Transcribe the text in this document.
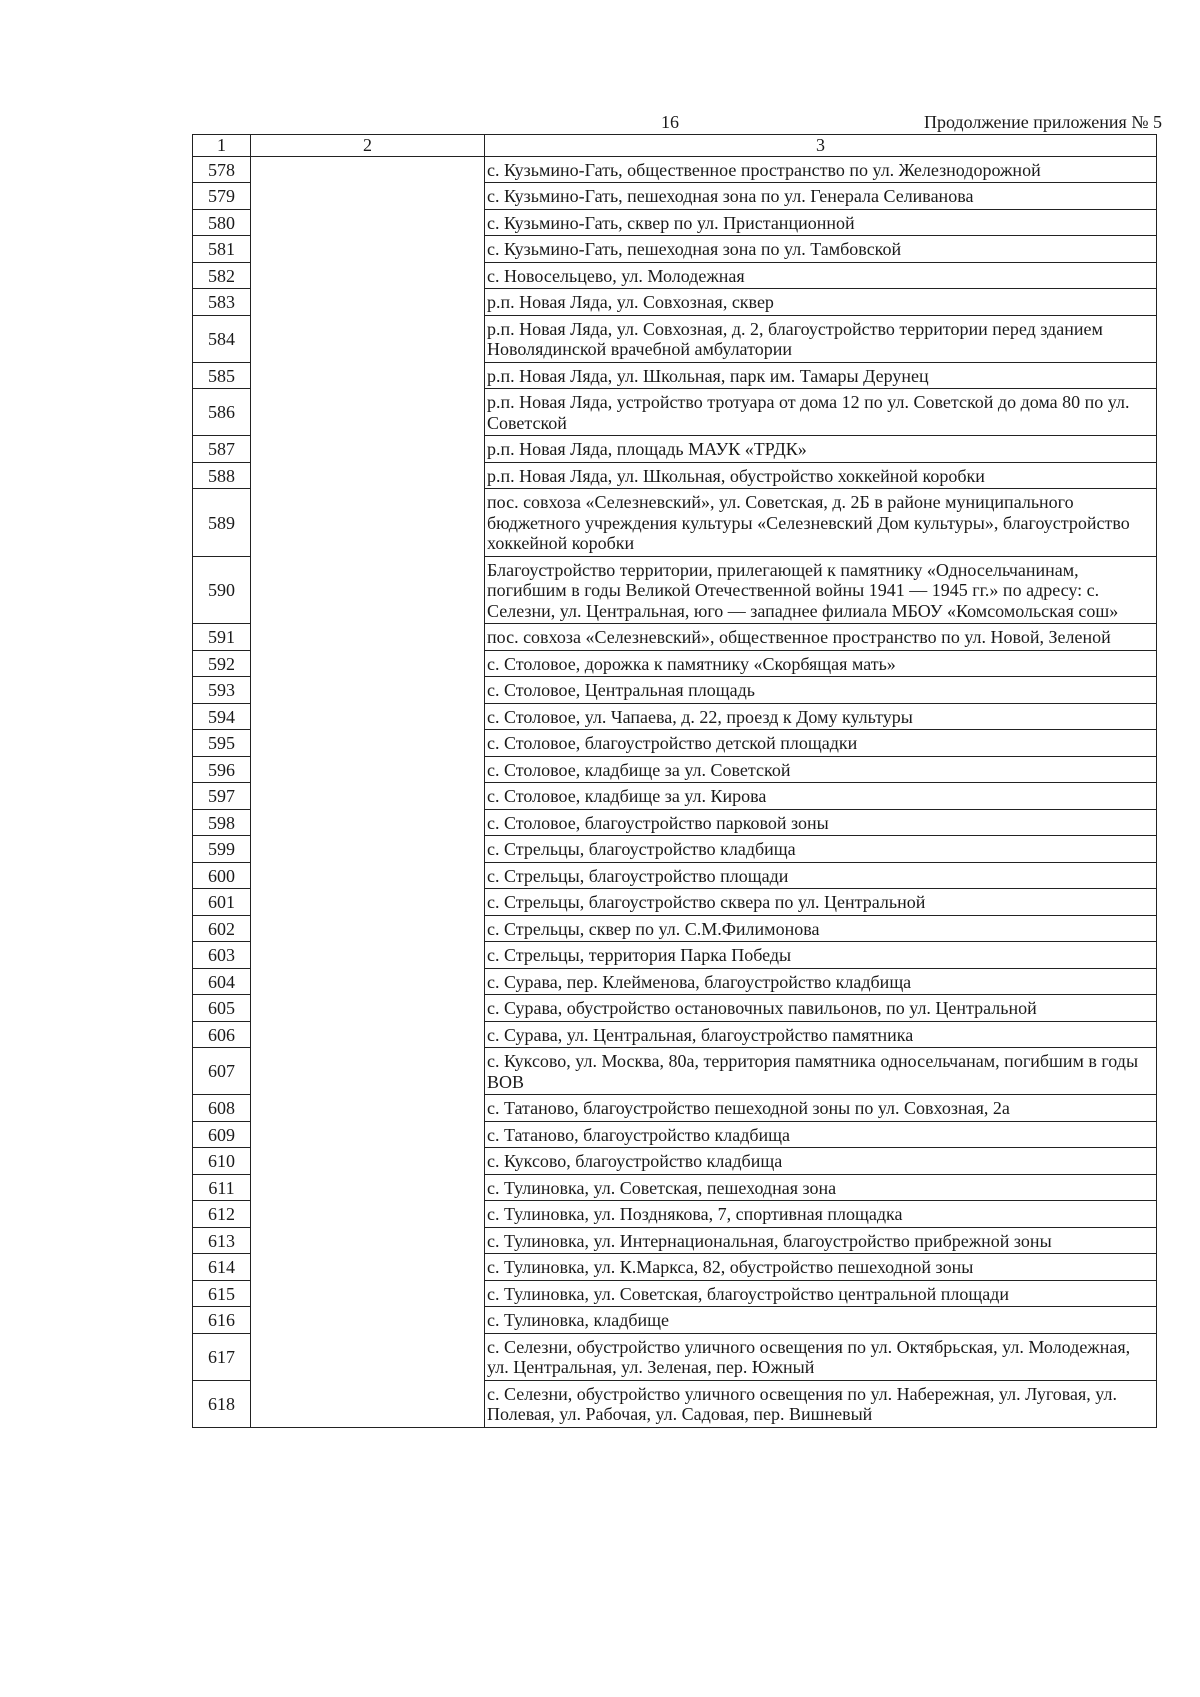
16	Продолжение приложения № 5
1	2	3
578		с. Кузьмино-Гать, общественное пространство по ул. Железнодорожной
579		с. Кузьмино-Гать, пешеходная зона по ул. Генерала Селиванова
580		с. Кузьмино-Гать, сквер по ул. Пристанционной
581		с. Кузьмино-Гать, пешеходная зона по ул. Тамбовской
582		с. Новосельцево, ул. Молодежная
583		р.п. Новая Ляда, ул. Совхозная, сквер
584		р.п. Новая Ляда, ул. Совхозная, д. 2, благоустройство территории перед зданием Новолядинской врачебной амбулатории
585		р.п. Новая Ляда, ул. Школьная, парк им. Тамары Дерунец
586		р.п. Новая Ляда, устройство тротуара от дома 12 по ул. Советской до дома 80 по ул. Советской
587		р.п. Новая Ляда, площадь МАУК «ТРДК»
588		р.п. Новая Ляда, ул. Школьная, обустройство хоккейной коробки
589		пос. совхоза «Селезневский», ул. Советская, д. 2Б в районе муниципального бюджетного учреждения культуры «Селезневский Дом культуры», благоустройство хоккейной коробки
590		Благоустройство территории, прилегающей к памятнику «Односельчанинам, погибшим в годы Великой Отечественной войны 1941 — 1945 гг.» по адресу: с. Селезни, ул. Центральная, юго — западнее филиала МБОУ «Комсомольская сош»
591		пос. совхоза «Селезневский», общественное пространство по ул. Новой, Зеленой
592		с. Столовое, дорожка к памятнику «Скорбящая мать»
593		с. Столовое, Центральная площадь
594		с. Столовое, ул. Чапаева, д. 22, проезд к Дому культуры
595		с. Столовое, благоустройство детской площадки
596		с. Столовое, кладбище за ул. Советской
597		с. Столовое, кладбище за ул. Кирова
598		с. Столовое, благоустройство парковой зоны
599		с. Стрельцы, благоустройство кладбища
600		с. Стрельцы, благоустройство площади
601		с. Стрельцы, благоустройство сквера по ул. Центральной
602		с. Стрельцы, сквер по ул. С.М.Филимонова
603		с. Стрельцы, территория Парка Победы
604		с. Сурава, пер. Клейменова, благоустройство кладбища
605		с. Сурава, обустройство остановочных павильонов, по ул. Центральной
606		с. Сурава, ул. Центральная, благоустройство памятника
607		с. Куксово, ул. Москва, 80а, территория памятника односельчанам, погибшим в годы ВОВ
608		с. Татаново, благоустройство пешеходной зоны по ул. Совхозная, 2а
609		с. Татаново, благоустройство кладбища
610		с. Куксово, благоустройство кладбища
611		с. Тулиновка, ул. Советская, пешеходная зона
612		с. Тулиновка, ул. Позднякова, 7, спортивная площадка
613		с. Тулиновка, ул. Интернациональная, благоустройство прибрежной зоны
614		с. Тулиновка, ул. К.Маркса, 82, обустройство пешеходной зоны
615		с. Тулиновка, ул. Советская, благоустройство центральной площади
616		с. Тулиновка, кладбище
617		с. Селезни, обустройство уличного освещения по ул. Октябрьская, ул. Молодежная, ул. Центральная, ул. Зеленая, пер. Южный
618		с. Селезни, обустройство уличного освещения по ул. Набережная, ул. Луговая, ул. Полевая, ул. Рабочая, ул. Садовая, пер. Вишневый
